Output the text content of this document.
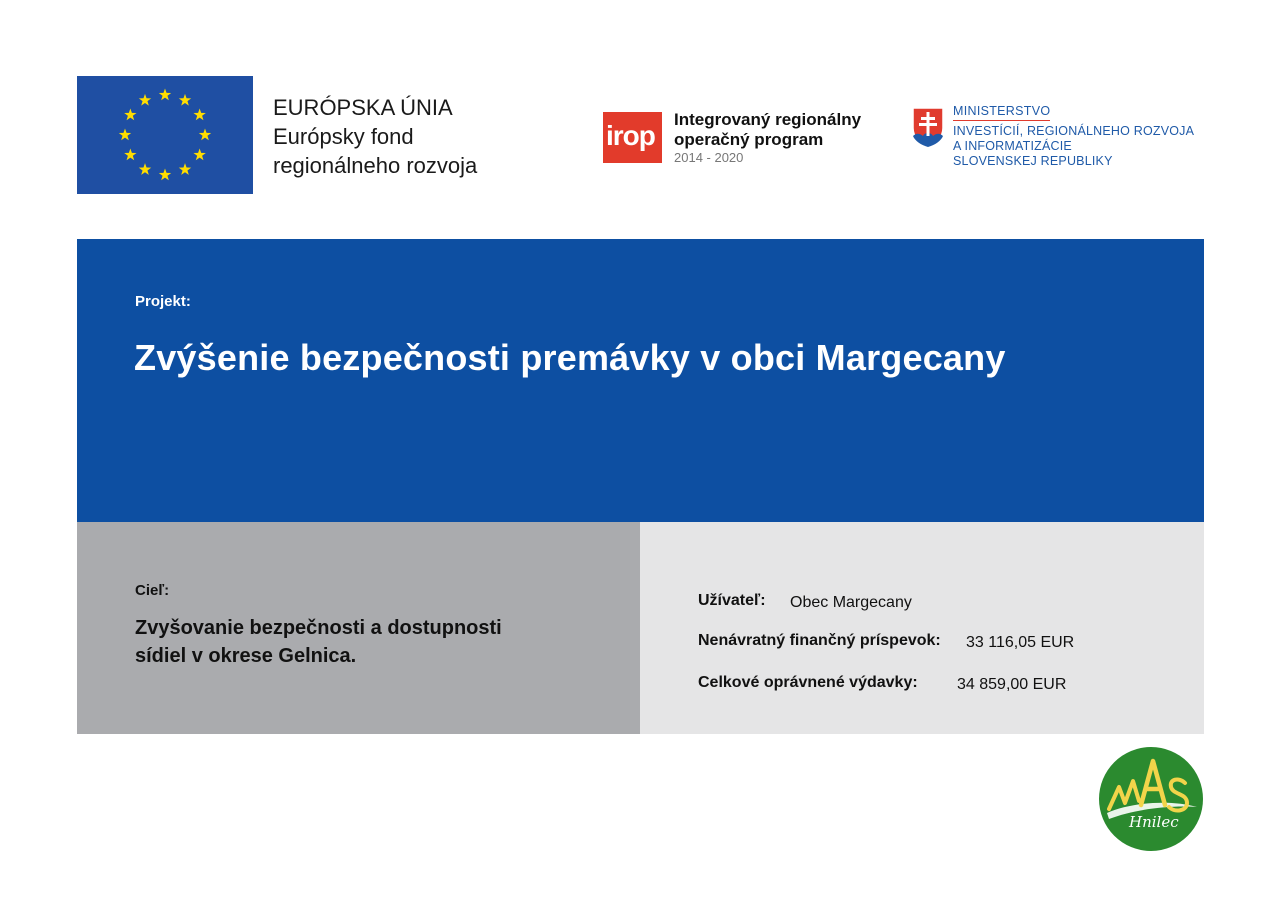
EURÓPSKA ÚNIA
Európsky fond
regionálneho rozvoja
irop
Integrovaný regionálny
operačný program
2014 - 2020
MINISTERSTVO
INVESTÍCIÍ, REGIONÁLNEHO ROZVOJA
A INFORMATIZÁCIE
SLOVENSKEJ REPUBLIKY
Projekt:
Zvýšenie bezpečnosti premávky v obci Margecany
Cieľ:
Zvyšovanie bezpečnosti a dostupnosti
sídiel v okrese Gelnica.
Užívateľ: Obec Margecany
Nenávratný finančný príspevok: 33 116,05 EUR
Celkové oprávnené výdavky: 34 859,00 EUR
Hnilec
